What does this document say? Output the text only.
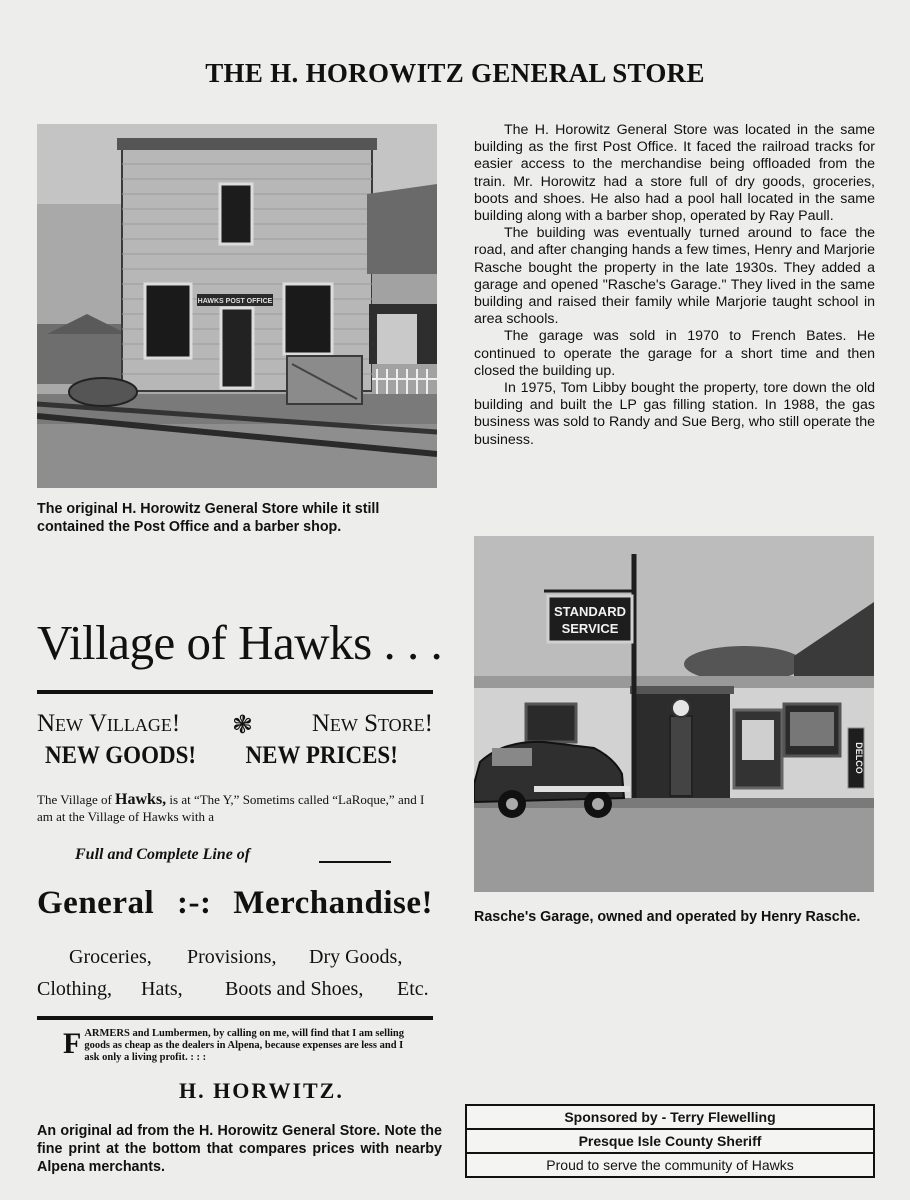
THE H. HOROWITZ GENERAL STORE
HAWKS POST OFFICE
The original H. Horowitz General Store while it still contained the Post Office and a barber shop.

The H. Horowitz General Store was located in the same building as the first Post Office. It faced the railroad tracks for easier access to the merchandise being offloaded from the train. Mr. Horowitz had a store full of dry goods, groceries, boots and shoes. He also had a pool hall located in the same building along with a barber shop, operated by Ray Paull.

The building was eventually turned around to face the road, and after changing hands a few times, Henry and Marjorie Rasche bought the property in the late 1930s. They added a garage and opened "Rasche's Garage." They lived in the same building and raised their family while Marjorie taught school in area schools.

The garage was sold in 1970 to French Bates. He continued to operate the garage for a short time and then closed the building up.

In 1975, Tom Libby bought the property, tore down the old building and built the LP gas filling station. In 1988, the gas business was sold to Randy and Sue Berg, who still operate the business.

STANDARD
SERVICE
DELCO
Rasche's Garage, owned and operated by Henry Rasche.
Village of Hawks . . .
New Village! ❃ New Store!
NEW GOODS! NEW PRICES!
The Village of Hawks, is at “The Y,” Sometims called “LaRoque,” and I am at the Village of Hawks with a
Full and Complete Line of
General :-: Merchandise!
Groceries, Provisions, Dry Goods,
Clothing, Hats, Boots and Shoes, Etc.
FARMERS and Lumbermen, by calling on me, will find that I am selling goods as cheap as the dealers in Alpena, because expenses are less and I ask only a living profit. : : :
H. HORWITZ.
An original ad from the H. Horowitz General Store. Note the fine print at the bottom that compares prices with nearby Alpena merchants.
Sponsored by - Terry Flewelling
Presque Isle County Sheriff
Proud to serve the community of Hawks
